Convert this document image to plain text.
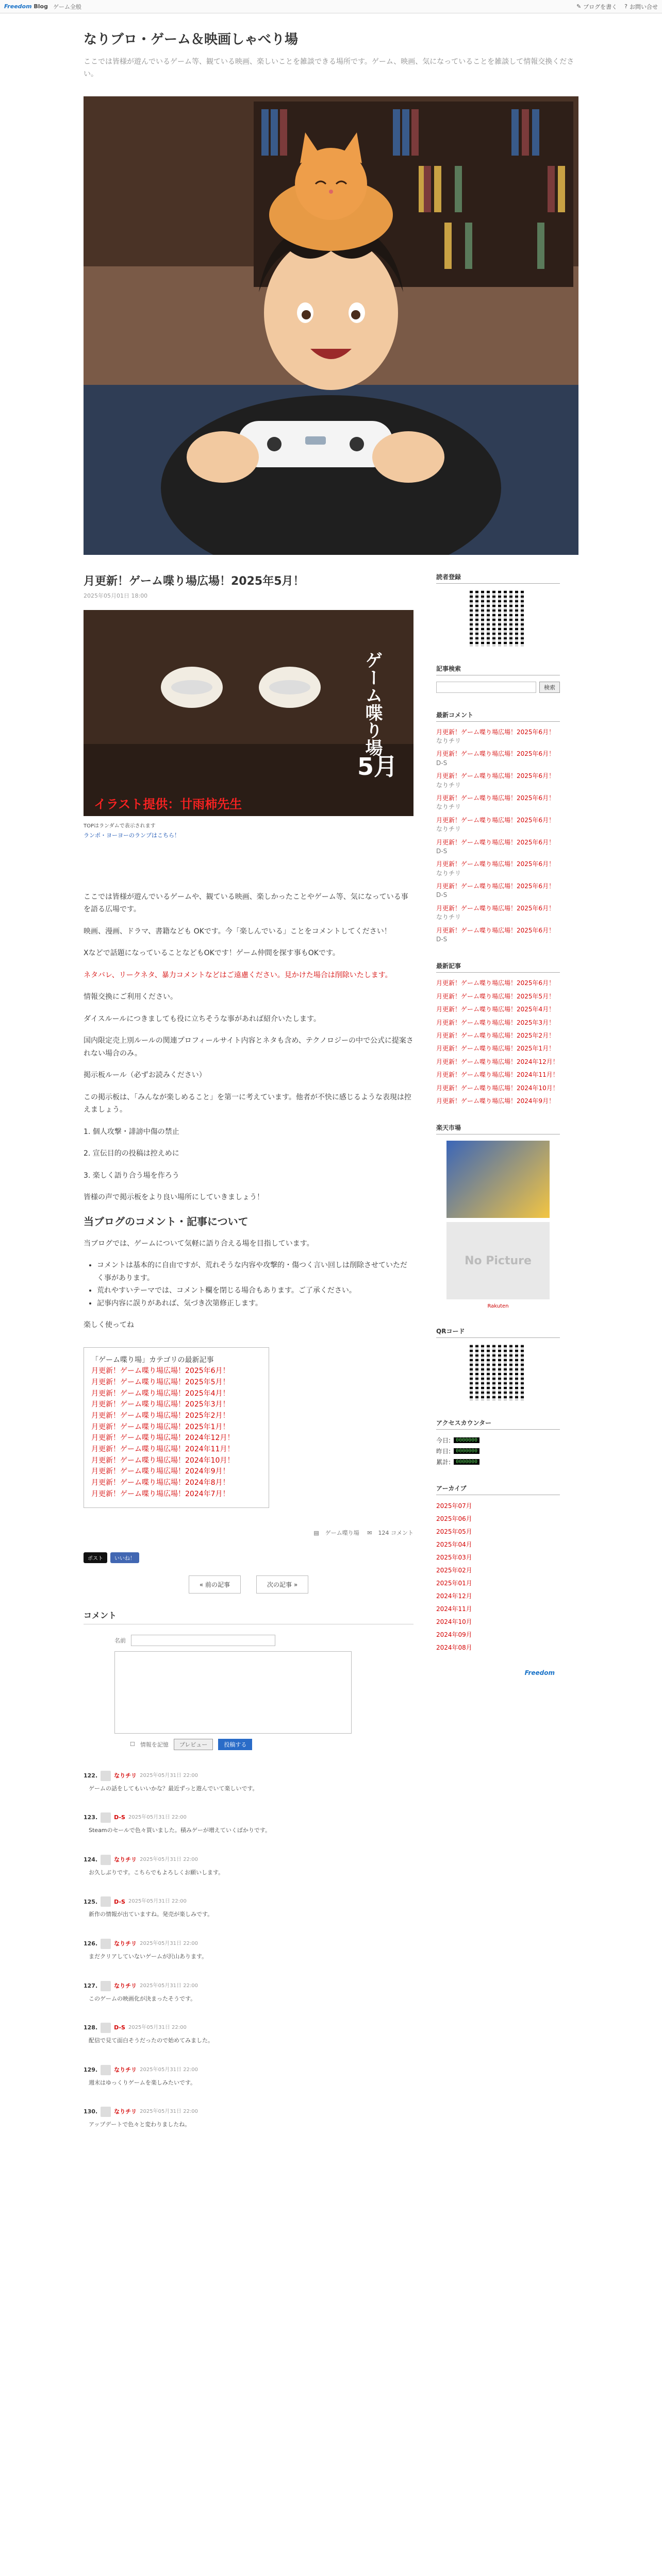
Freedom Blog ゲーム全般	✎ ブログを書く ? お問い合せ
なりブロ・ゲーム＆映画しゃべり場
ここでは皆様が遊んでいるゲーム等、観ている映画、楽しいことを雑談できる場所です。ゲーム、映画、気になっていることを雑談して情報交換ください。
月更新！ゲーム喋り場広場！2025年5月！
2025年05月01日 18:00
ゲーム喋り場
5月
イラスト提供：廿雨柿先生
TOPはランダムで表示されます
ランポ・ヨーヨーのランプはこちら！

ここでは皆様が遊んでいるゲームや、観ている映画、楽しかったことやゲーム等、気になっている事を語る広場です。

映画、漫画、ドラマ、書籍なども OKです。今「楽しんでいる」ことをコメントしてください！

Xなどで話題になっていることなどもOKです！ゲーム仲間を探す事もOKです。

ネタバレ、リークネタ、暴力コメントなどはご遠慮ください。見かけた場合は削除いたします。

情報交換にご利用ください。

ダイスルールにつきましても役に立ちそうな事があれば紹介いたします。

国内限定売上別ルールの関連プロフィールサイト内容とネタも含め、テクノロジーの中で公式に提案されない場合のみ。

掲示板ルール（必ずお読みください）

この掲示板は、「みんなが楽しめること」を第一に考えています。他者が不快に感じるような表現は控えましょう。

1. 個人攻撃・誹謗中傷の禁止

2. 宣伝目的の投稿は控えめに

3. 楽しく語り合う場を作ろう

皆様の声で掲示板をより良い場所にしていきましょう！

当ブログのコメント・記事について

当ブログでは、ゲームについて気軽に語り合える場を目指しています。

• コメントは基本的に自由ですが、荒れそうな内容や攻撃的・傷つく言い回しは削除させていただく事があります。
• 荒れやすいテーマでは、コメント欄を閉じる場合もあります。ご了承ください。
• 記事内容に誤りがあれば、気づき次第修正します。

楽しく使ってね

「ゲーム喋り場」カテゴリの最新記事
月更新！ゲーム喋り場広場！2025年6月！
月更新！ゲーム喋り場広場！2025年5月！
月更新！ゲーム喋り場広場！2025年4月！
月更新！ゲーム喋り場広場！2025年3月！
月更新！ゲーム喋り場広場！2025年2月！
月更新！ゲーム喋り場広場！2025年1月！
月更新！ゲーム喋り場広場！2024年12月！
月更新！ゲーム喋り場広場！2024年11月！
月更新！ゲーム喋り場広場！2024年10月！
月更新！ゲーム喋り場広場！2024年9月！
月更新！ゲーム喋り場広場！2024年8月！
月更新！ゲーム喋り場広場！2024年7月！
▤ ゲーム喋り場 ✉ 124 コメント
ポスト	いいね！
« 前の記事	次の記事 »
コメント
名前
☐ 情報を記憶	プレビュー	投稿する
122.	なりチリ 2025年05月31日 22:00
ゲームの話をしてもいいかな？最近ずっと遊んでいて楽しいです。
123.	D-S 2025年05月31日 22:00
Steamのセールで色々買いました。積みゲーが増えていくばかりです。
124.	なりチリ 2025年05月31日 22:00
お久しぶりです。こちらでもよろしくお願いします。
125.	D-S 2025年05月31日 22:00
新作の情報が出ていますね。発売が楽しみです。
126.	なりチリ 2025年05月31日 22:00
まだクリアしていないゲームが沢山あります。
127.	なりチリ 2025年05月31日 22:00
このゲームの映画化が決まったそうです。
128.	D-S 2025年05月31日 22:00
配信で見て面白そうだったので始めてみました。
129.	なりチリ 2025年05月31日 22:00
週末はゆっくりゲームを楽しみたいです。
130.	なりチリ 2025年05月31日 22:00
アップデートで色々と変わりましたね。
読者登録
記事検索
検索
最新コメント
月更新！ゲーム喋り場広場！2025年6月！
なりチリ
月更新！ゲーム喋り場広場！2025年6月！
D-S
月更新！ゲーム喋り場広場！2025年6月！
なりチリ
月更新！ゲーム喋り場広場！2025年6月！
なりチリ
月更新！ゲーム喋り場広場！2025年6月！
なりチリ
月更新！ゲーム喋り場広場！2025年6月！
D-S
月更新！ゲーム喋り場広場！2025年6月！
なりチリ
月更新！ゲーム喋り場広場！2025年6月！
D-S
月更新！ゲーム喋り場広場！2025年6月！
なりチリ
月更新！ゲーム喋り場広場！2025年6月！
D-S
最新記事
月更新！ゲーム喋り場広場！2025年6月！
月更新！ゲーム喋り場広場！2025年5月！
月更新！ゲーム喋り場広場！2025年4月！
月更新！ゲーム喋り場広場！2025年3月！
月更新！ゲーム喋り場広場！2025年2月！
月更新！ゲーム喋り場広場！2025年1月！
月更新！ゲーム喋り場広場！2024年12月！
月更新！ゲーム喋り場広場！2024年11月！
月更新！ゲーム喋り場広場！2024年10月！
月更新！ゲーム喋り場広場！2024年9月！
楽天市場
No Picture
Rakuten
QRコード
アクセスカウンター
今日:	0000000
昨日:	0000000
累計:	0000000
アーカイブ
2025年07月
2025年06月
2025年05月
2025年04月
2025年03月
2025年02月
2025年01月
2024年12月
2024年11月
2024年10月
2024年09月
2024年08月
Freedom
